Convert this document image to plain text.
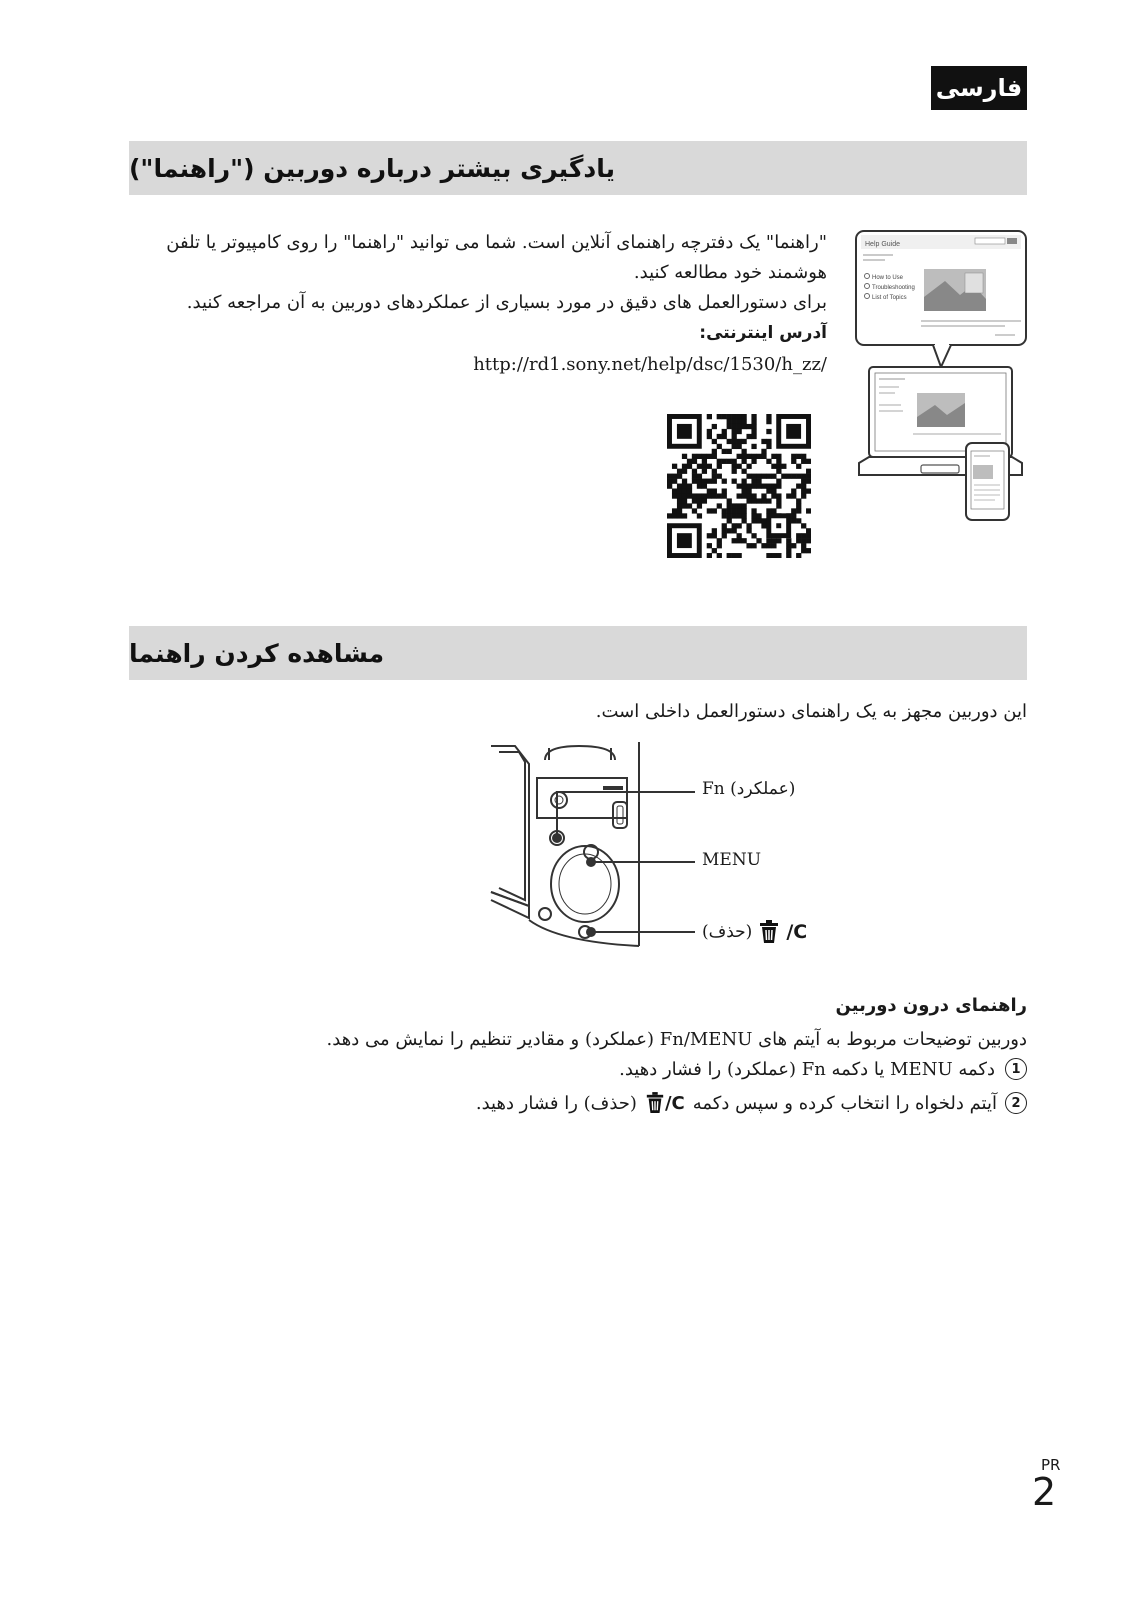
فارسی
یادگیری بیشتر درباره دوربین ("راهنما")
"راهنما" یک دفترچه راهنمای آنلاین است. شما می توانید "راهنما" را روی کامپیوتر یا تلفن
هوشمند خود مطالعه کنید.
برای دستورالعمل های دقیق در مورد بسیاری از عملکردهای دوربین به آن مراجعه کنید.
آدرس اینترنتی:
http://rd1.sony.net/help/dsc/1530/h_zz/
Help Guide
How to Use
Troubleshooting
List of Topics
مشاهده کردن راهنما
این دوربین مجهز به یک راهنمای دستورالعمل داخلی است.
Fn (عملکرد)
MENU
(حذف) /C
راهنمای درون دوربین
دوربین توضیحات مربوط به آیتم های Fn/MENU (عملکرد) و مقادیر تنظیم را نمایش می دهد.
1
دکمه MENU یا دکمه Fn (عملکرد) را فشار دهید.
2
آیتم دلخواه را انتخاب کرده و سپس دکمه
/C
(حذف) را فشار دهید.
PR
2
